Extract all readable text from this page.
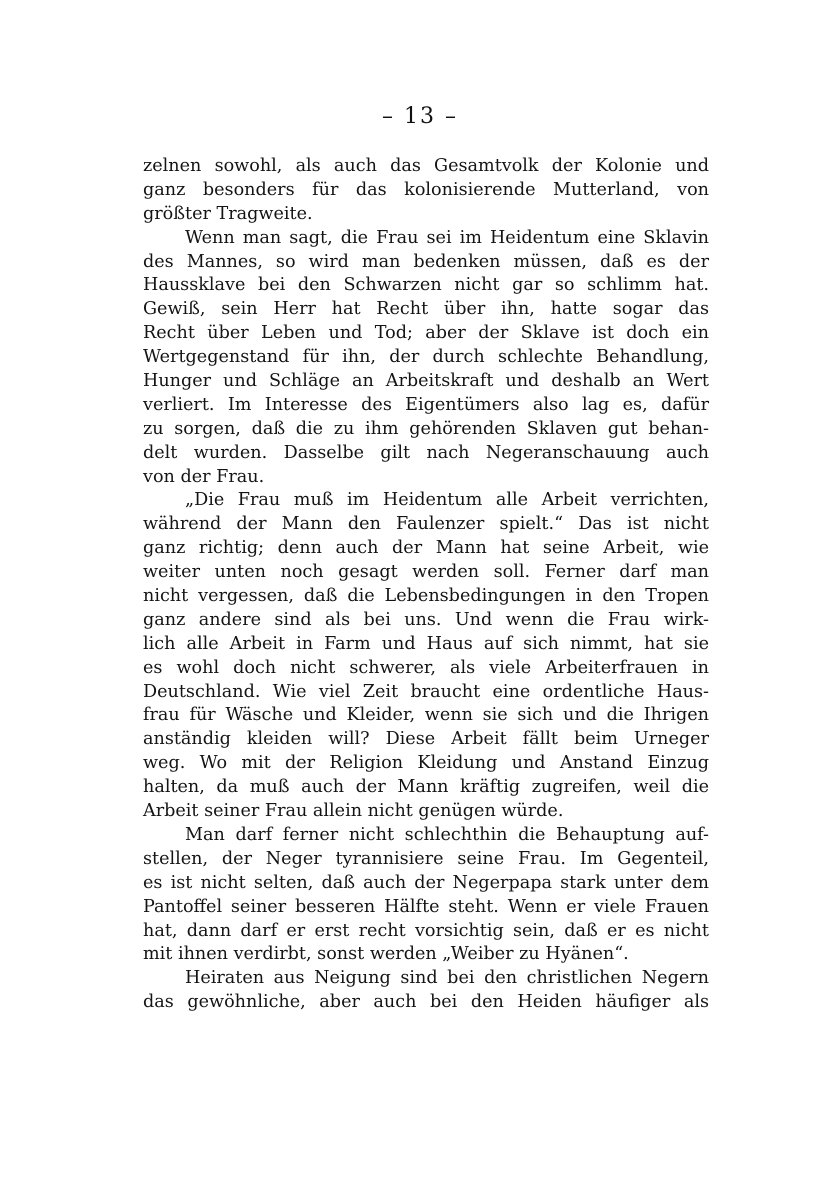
– 13 –
zelnen sowohl, als auch das Gesamtvolk der Kolonie und
ganz besonders für das kolonisierende Mutterland, von
größter Tragweite.
Wenn man sagt, die Frau sei im Heidentum eine Sklavin
des Mannes, so wird man bedenken müssen, daß es der
Haussklave bei den Schwarzen nicht gar so schlimm hat.
Gewiß, sein Herr hat Recht über ihn, hatte sogar das
Recht über Leben und Tod; aber der Sklave ist doch ein
Wertgegenstand für ihn, der durch schlechte Behandlung,
Hunger und Schläge an Arbeitskraft und deshalb an Wert
verliert. Im Interesse des Eigentümers also lag es, dafür
zu sorgen, daß die zu ihm gehörenden Sklaven gut behan-
delt wurden. Dasselbe gilt nach Negeranschauung auch
von der Frau.
„Die Frau muß im Heidentum alle Arbeit verrichten,
während der Mann den Faulenzer spielt.“ Das ist nicht
ganz richtig; denn auch der Mann hat seine Arbeit, wie
weiter unten noch gesagt werden soll. Ferner darf man
nicht vergessen, daß die Lebensbedingungen in den Tropen
ganz andere sind als bei uns. Und wenn die Frau wirk-
lich alle Arbeit in Farm und Haus auf sich nimmt, hat sie
es wohl doch nicht schwerer, als viele Arbeiterfrauen in
Deutschland. Wie viel Zeit braucht eine ordentliche Haus-
frau für Wäsche und Kleider, wenn sie sich und die Ihrigen
anständig kleiden will? Diese Arbeit fällt beim Urneger
weg. Wo mit der Religion Kleidung und Anstand Einzug
halten, da muß auch der Mann kräftig zugreifen, weil die
Arbeit seiner Frau allein nicht genügen würde.
Man darf ferner nicht schlechthin die Behauptung auf-
stellen, der Neger tyrannisiere seine Frau. Im Gegenteil,
es ist nicht selten, daß auch der Negerpapa stark unter dem
Pantoffel seiner besseren Hälfte steht. Wenn er viele Frauen
hat, dann darf er erst recht vorsichtig sein, daß er es nicht
mit ihnen verdirbt, sonst werden „Weiber zu Hyänen“.
Heiraten aus Neigung sind bei den christlichen Negern
das gewöhnliche, aber auch bei den Heiden häufiger als
